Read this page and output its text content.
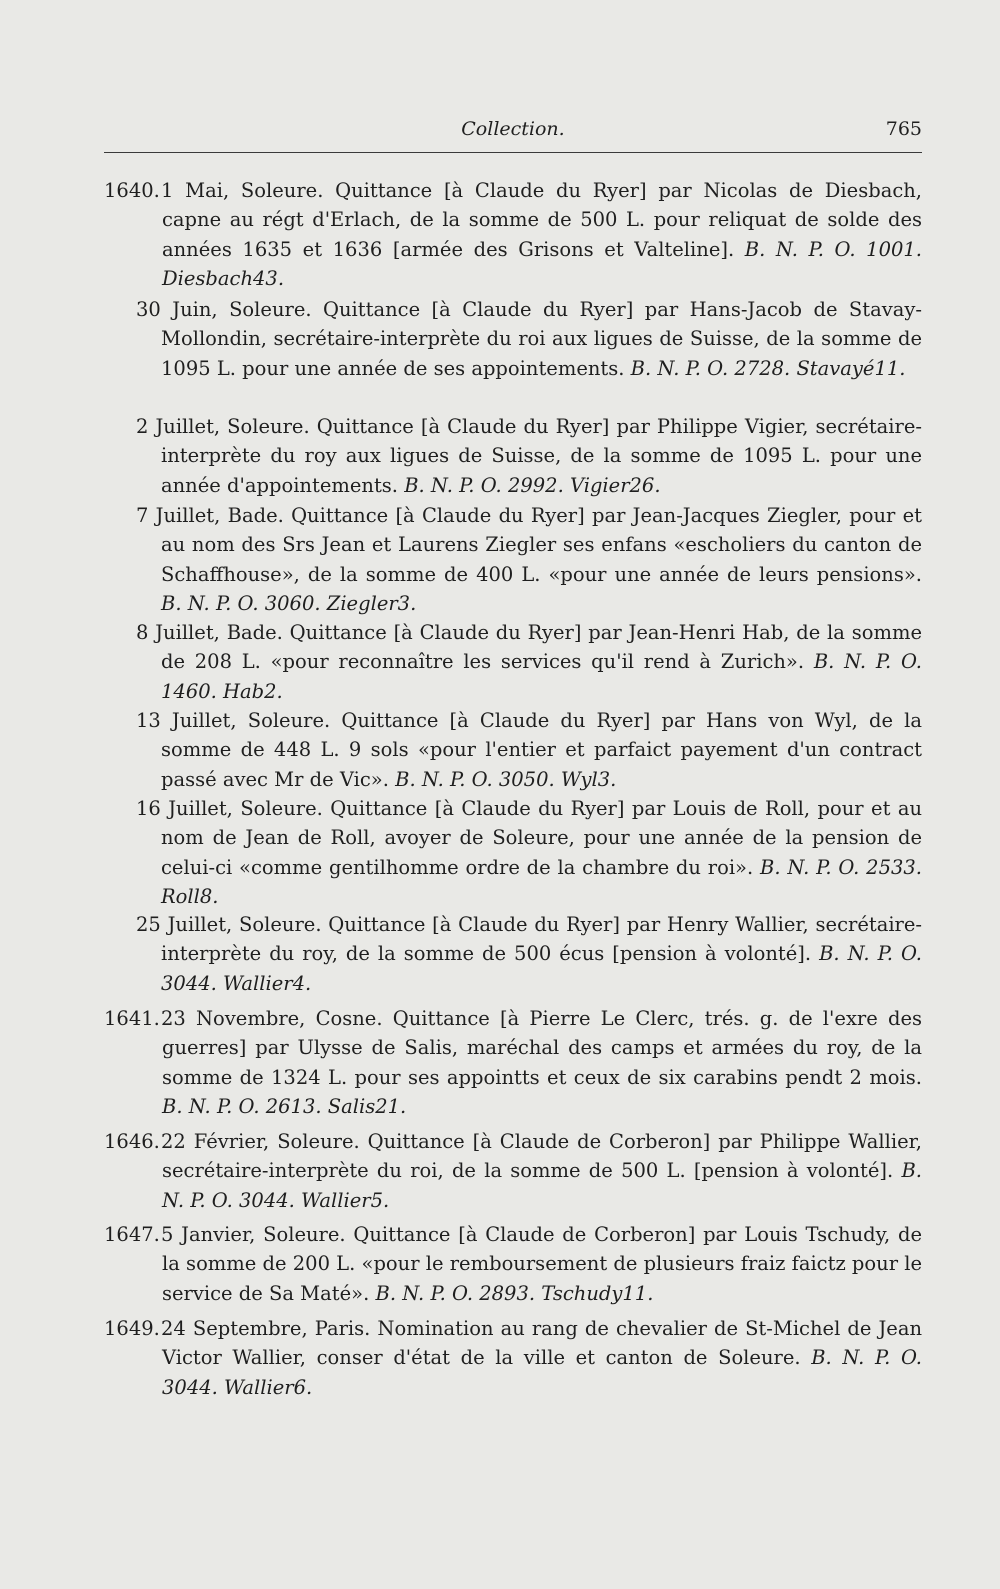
Collection.	765
1640. 1 Mai, Soleure. Quittance [à Claude du Ryer] par Nicolas de Diesbach, capne au régt d'Erlach, de la somme de 500 L. pour reliquat de solde des années 1635 et 1636 [armée des Grisons et Valteline]. B. N. P. O. 1001. Diesbach43.
30 Juin, Soleure. Quittance [à Claude du Ryer] par Hans-Jacob de Stavay-Mollondin, secrétaire-interprète du roi aux ligues de Suisse, de la somme de 1095 L. pour une année de ses appointements. B. N. P. O. 2728. Stavayé11.
2 Juillet, Soleure. Quittance [à Claude du Ryer] par Philippe Vigier, secrétaire-interprète du roy aux ligues de Suisse, de la somme de 1095 L. pour une année d'appointements. B. N. P. O. 2992. Vigier26.
7 Juillet, Bade. Quittance [à Claude du Ryer] par Jean-Jacques Ziegler, pour et au nom des Srs Jean et Laurens Ziegler ses enfans «escholiers du canton de Schaffhouse», de la somme de 400 L. «pour une année de leurs pensions». B. N. P. O. 3060. Ziegler3.
8 Juillet, Bade. Quittance [à Claude du Ryer] par Jean-Henri Hab, de la somme de 208 L. «pour reconnaître les services qu'il rend à Zurich». B. N. P. O. 1460. Hab2.
13 Juillet, Soleure. Quittance [à Claude du Ryer] par Hans von Wyl, de la somme de 448 L. 9 sols «pour l'entier et parfaict payement d'un contract passé avec Mr de Vic». B. N. P. O. 3050. Wyl3.
16 Juillet, Soleure. Quittance [à Claude du Ryer] par Louis de Roll, pour et au nom de Jean de Roll, avoyer de Soleure, pour une année de la pension de celui-ci «comme gentilhomme ordre de la chambre du roi». B. N. P. O. 2533. Roll8.
25 Juillet, Soleure. Quittance [à Claude du Ryer] par Henry Wallier, secrétaire-interprète du roy, de la somme de 500 écus [pension à volonté]. B. N. P. O. 3044. Wallier4.
1641. 23 Novembre, Cosne. Quittance [à Pierre Le Clerc, trés. g. de l'exre des guerres] par Ulysse de Salis, maréchal des camps et armées du roy, de la somme de 1324 L. pour ses appointts et ceux de six carabins pendt 2 mois. B. N. P. O. 2613. Salis21.
1646. 22 Février, Soleure. Quittance [à Claude de Corberon] par Philippe Wallier, secrétaire-interprète du roi, de la somme de 500 L. [pension à volonté]. B. N. P. O. 3044. Wallier5.
1647. 5 Janvier, Soleure. Quittance [à Claude de Corberon] par Louis Tschudy, de la somme de 200 L. «pour le remboursement de plusieurs fraiz faictz pour le service de Sa Maté». B. N. P. O. 2893. Tschudy11.
1649. 24 Septembre, Paris. Nomination au rang de chevalier de St-Michel de Jean Victor Wallier, conser d'état de la ville et canton de Soleure. B. N. P. O. 3044. Wallier6.
